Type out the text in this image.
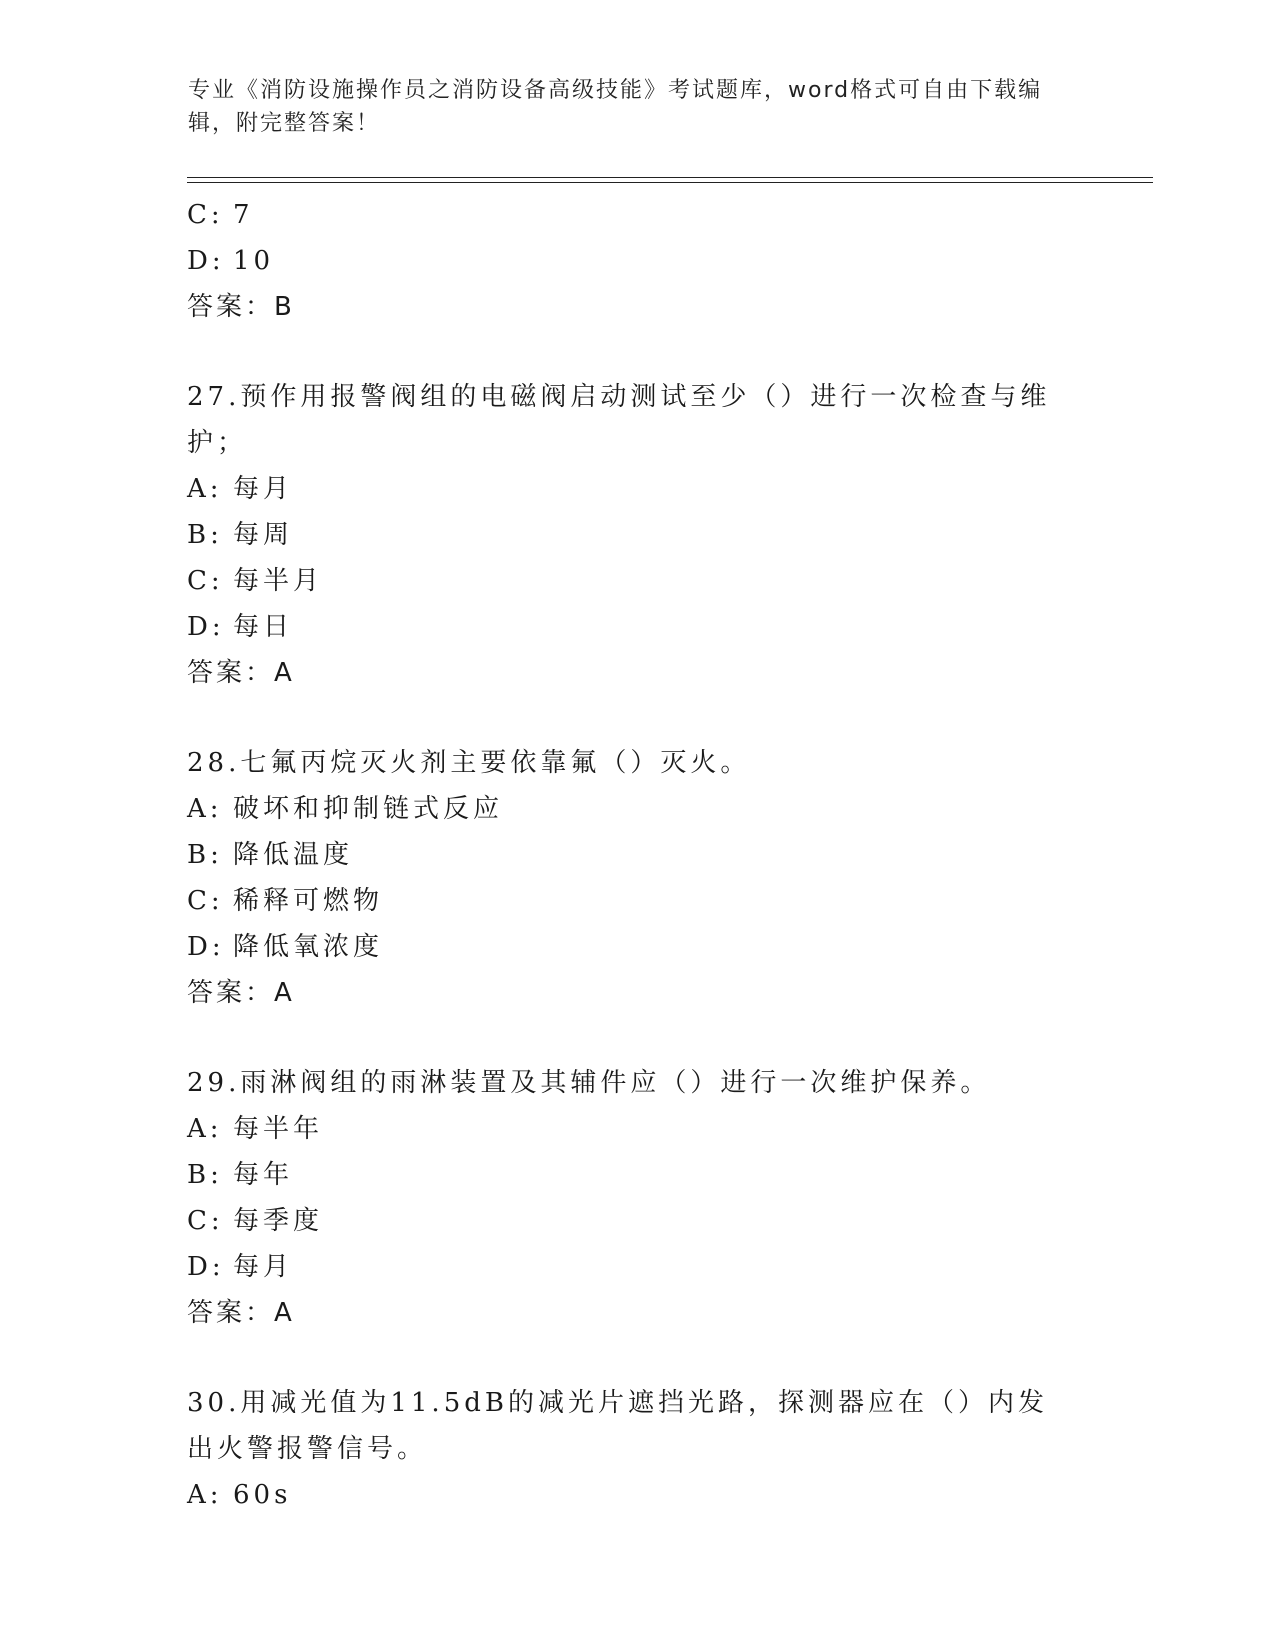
专业《消防设施操作员之消防设备高级技能》考试题库，word格式可自由下载编辑，附完整答案！
C: 7
D: 10
答案：B
27.预作用报警阀组的电磁阀启动测试至少（）进行一次检查与维护；
A: 每月
B: 每周
C: 每半月
D: 每日
答案：A
28.七氟丙烷灭火剂主要依靠氟（）灭火。
A: 破坏和抑制链式反应
B: 降低温度
C: 稀释可燃物
D: 降低氧浓度
答案：A
29.雨淋阀组的雨淋装置及其辅件应（）进行一次维护保养。
A: 每半年
B: 每年
C: 每季度
D: 每月
答案：A
30.用减光值为11.5dB的减光片遮挡光路，探测器应在（）内发出火警报警信号。
A: 60s
